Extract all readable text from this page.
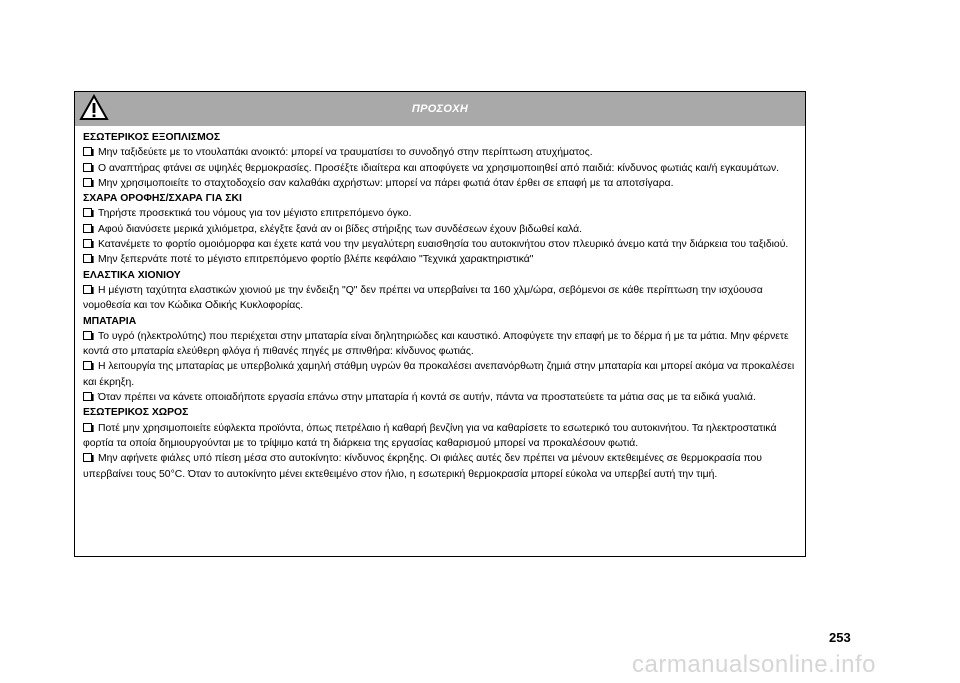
ΠΡΟΣΟΧΗ
ΕΣΩΤΕΡΙΚΟΣ ΕΞΟΠΛΙΣΜΟΣ
Μην ταξιδεύετε με το ντουλαπάκι ανοικτό: μπορεί να τραυματίσει το συνοδηγό στην περίπτωση ατυχήματος.
Ο αναπτήρας φτάνει σε υψηλές θερμοκρασίες. Προσέξτε ιδιαίτερα και αποφύγετε να χρησιμοποιηθεί από παιδιά: κίνδυνος φωτιάς και/ή εγκαυμάτων.
Μην χρησιμοποιείτε το σταχτοδοχείο σαν καλαθάκι αχρήστων: μπορεί να πάρει φωτιά όταν έρθει σε επαφή με τα αποτσίγαρα.
ΣΧΑΡΑ ΟΡΟΦΗΣ/ΣΧΑΡΑ ΓΙΑ ΣΚΙ
Τηρήστε προσεκτικά του νόμους για τον μέγιστο επιτρεπόμενο όγκο.
Αφού διανύσετε μερικά χιλιόμετρα, ελέγξτε ξανά αν οι βίδες στήριξης των συνδέσεων έχουν βιδωθεί καλά.
Κατανέμετε το φορτίο ομοιόμορφα και έχετε κατά νου την μεγαλύτερη ευαισθησία του αυτοκινήτου στον πλευρικό άνεμο κατά την διάρκεια του ταξιδιού.
Μην ξεπερνάτε ποτέ το μέγιστο επιτρεπόμενο φορτίο βλέπε κεφάλαιο "Τεχνικά χαρακτηριστικά"
ΕΛΑΣΤΙΚΑ ΧΙΟΝΙΟΥ
Η μέγιστη ταχύτητα ελαστικών χιονιού με την ένδειξη "Q" δεν πρέπει να υπερβαίνει τα 160 χλμ/ώρα, σεβόμενοι σε κάθε περίπτωση την ισχύουσα νομοθεσία και τον Κώδικα Οδικής Κυκλοφορίας.
ΜΠΑΤΑΡΙΑ
Το υγρό (ηλεκτρολύτης) που περιέχεται στην μπαταρία είναι δηλητηριώδες και καυστικό. Αποφύγετε την επαφή με το δέρμα ή με τα μάτια. Μην φέρνετε κοντά στο μπαταρία ελεύθερη φλόγα ή πιθανές πηγές με σπινθήρα: κίνδυνος φωτιάς.
Η λειτουργία της μπαταρίας με υπερβολικά χαμηλή στάθμη υγρών θα προκαλέσει ανεπανόρθωτη ζημιά στην μπαταρία και μπορεί ακόμα να προκαλέσει και έκρηξη.
Όταν πρέπει να κάνετε οποιαδήποτε εργασία επάνω στην μπαταρία ή κοντά σε αυτήν, πάντα να προστατεύετε τα μάτια σας με τα ειδικά γυαλιά.
ΕΣΩΤΕΡΙΚΟΣ ΧΩΡΟΣ
Ποτέ μην χρησιμοποιείτε εύφλεκτα προϊόντα, όπως πετρέλαιο ή καθαρή βενζίνη για να καθαρίσετε το εσωτερικό του αυτοκινήτου. Τα ηλεκτροστατικά φορτία τα οποία δημιουργούνται με το τρίψιμο κατά τη διάρκεια της εργασίας καθαρισμού μπορεί να προκαλέσουν φωτιά.
Μην αφήνετε φιάλες υπό πίεση μέσα στο αυτοκίνητο: κίνδυνος έκρηξης. Οι φιάλες αυτές δεν πρέπει να μένουν εκτεθειμένες σε θερμοκρασία που υπερβαίνει τους 50°C. Όταν το αυτοκίνητο μένει εκτεθειμένο στον ήλιο, η εσωτερική θερμοκρασία μπορεί εύκολα να υπερβεί αυτή την τιμή.
253
carmanualsonline.info
